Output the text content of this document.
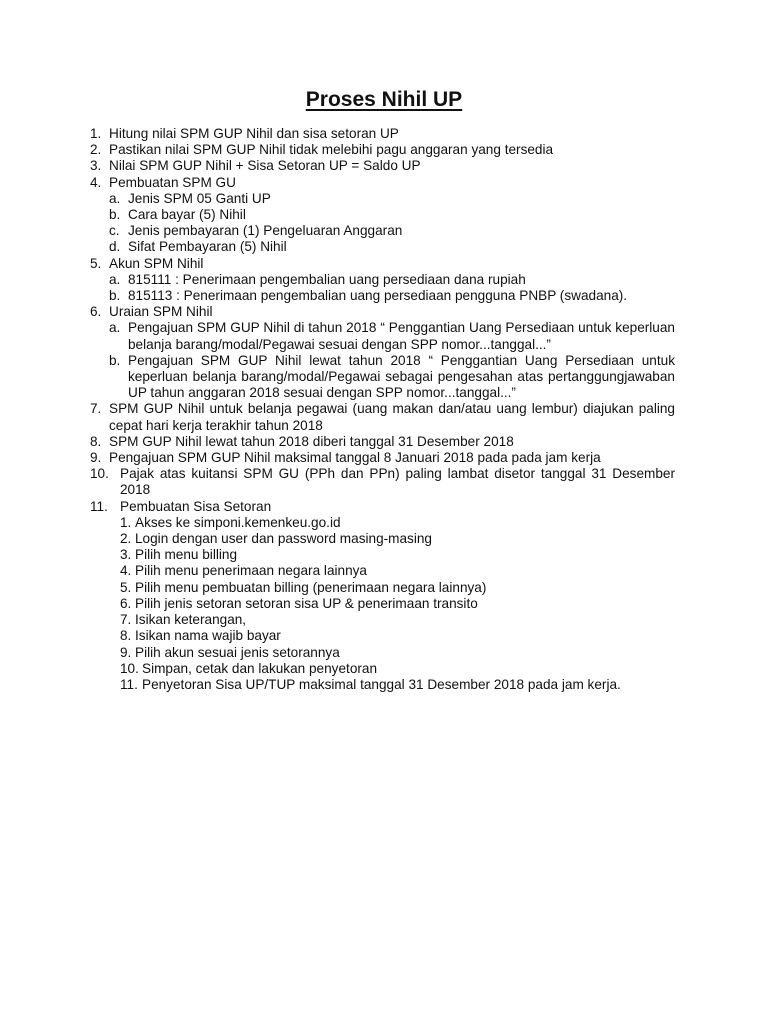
Proses Nihil UP
1. Hitung nilai SPM GUP Nihil dan sisa setoran UP
2. Pastikan nilai SPM GUP Nihil tidak melebihi pagu anggaran yang tersedia
3. Nilai SPM GUP Nihil + Sisa Setoran UP = Saldo UP
4. Pembuatan SPM GU
a. Jenis SPM 05 Ganti UP
b. Cara bayar (5) Nihil
c. Jenis pembayaran (1) Pengeluaran Anggaran
d. Sifat Pembayaran (5) Nihil
5. Akun SPM Nihil
a. 815111 : Penerimaan pengembalian uang persediaan dana rupiah
b. 815113 : Penerimaan pengembalian uang persediaan pengguna PNBP (swadana).
6. Uraian SPM Nihil
a. Pengajuan SPM GUP Nihil di tahun 2018 “ Penggantian Uang Persediaan untuk keperluan belanja barang/modal/Pegawai sesuai dengan SPP nomor...tanggal...”
b. Pengajuan SPM GUP Nihil lewat tahun 2018 “ Penggantian Uang Persediaan untuk keperluan belanja barang/modal/Pegawai sebagai pengesahan atas pertanggungjawaban UP tahun anggaran 2018 sesuai dengan SPP nomor...tanggal...”
7. SPM GUP Nihil untuk belanja pegawai (uang makan dan/atau uang lembur) diajukan paling cepat hari kerja terakhir tahun 2018
8. SPM GUP Nihil lewat tahun 2018 diberi tanggal 31 Desember 2018
9. Pengajuan SPM GUP Nihil maksimal tanggal 8 Januari 2018 pada pada jam kerja
10. Pajak atas kuitansi SPM GU (PPh dan PPn) paling lambat disetor tanggal 31 Desember 2018
11. Pembuatan Sisa Setoran
1. Akses ke simponi.kemenkeu.go.id
2. Login dengan user dan password masing-masing
3. Pilih menu billing
4. Pilih menu penerimaan negara lainnya
5. Pilih menu pembuatan billing (penerimaan negara lainnya)
6. Pilih jenis setoran setoran sisa UP & penerimaan transito
7. Isikan keterangan,
8. Isikan nama wajib bayar
9. Pilih akun sesuai jenis setorannya
10. Simpan, cetak dan lakukan penyetoran
11. Penyetoran Sisa UP/TUP maksimal tanggal 31 Desember 2018 pada jam kerja.
